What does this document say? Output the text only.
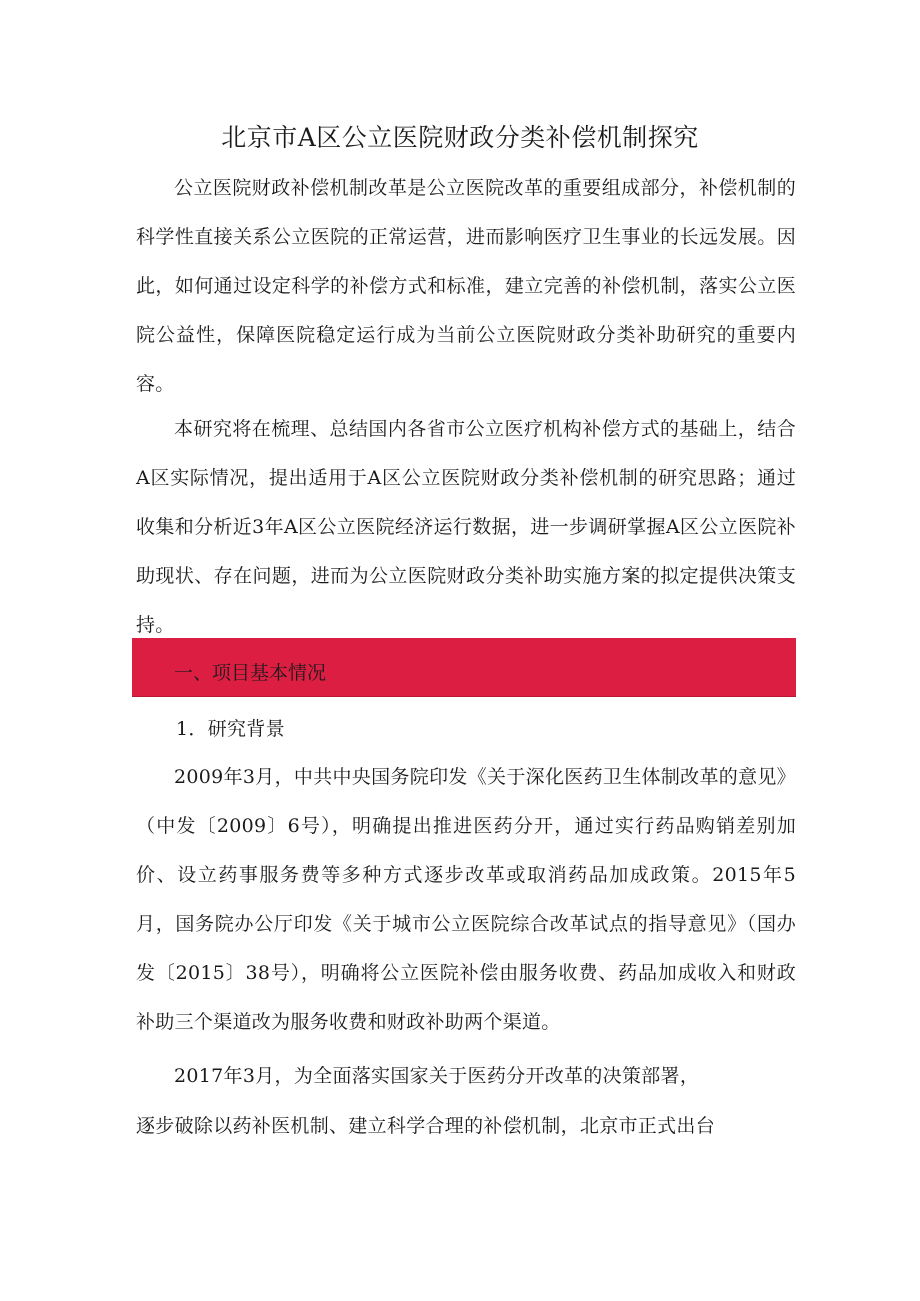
北京市A区公立医院财政分类补偿机制探究

公立医院财政补偿机制改革是公立医院改革的重要组成部分，补偿机制的科学性直接关系公立医院的正常运营，进而影响医疗卫生事业的长远发展。因此，如何通过设定科学的补偿方式和标准，建立完善的补偿机制，落实公立医院公益性，保障医院稳定运行成为当前公立医院财政分类补助研究的重要内容。

本研究将在梳理、总结国内各省市公立医疗机构补偿方式的基础上，结合A区实际情况，提出适用于A区公立医院财政分类补偿机制的研究思路；通过收集和分析近3年A区公立医院经济运行数据，进一步调研掌握A区公立医院补助现状、存在问题，进而为公立医院财政分类补助实施方案的拟定提供决策支持。

一、项目基本情况
1．研究背景

2009年3月，中共中央国务院印发《关于深化医药卫生体制改革的意见》（中发〔2009〕6号），明确提出推进医药分开，通过实行药品购销差别加价、设立药事服务费等多种方式逐步改革或取消药品加成政策。2015年5月，国务院办公厅印发《关于城市公立医院综合改革试点的指导意见》（国办发〔2015〕38号），明确将公立医院补偿由服务收费、药品加成收入和财政补助三个渠道改为服务收费和财政补助两个渠道。

2017年3月，为全面落实国家关于医药分开改革的决策部署，

逐步破除以药补医机制、建立科学合理的补偿机制，北京市正式出台
